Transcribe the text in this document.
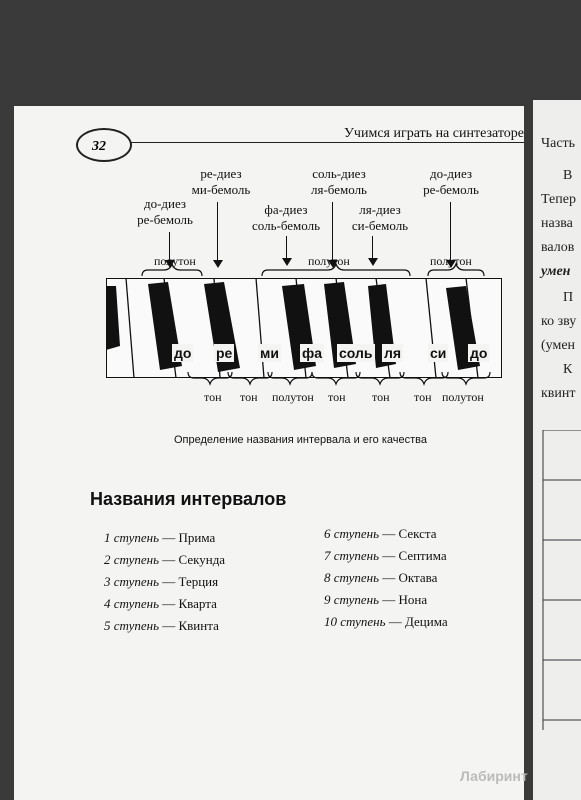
32
Учимся играть на синтезаторе
до-диез
ре-бемоль
ре-диез
ми-бемоль
фа-диез
соль-бемоль
соль-диез
ля-бемоль
ля-диез
си-бемоль
до-диез
ре-бемоль
полутон	полутон	полутон
до ре ми фа соль ля си до
тон тон полутон тон тон тон полутон
Определение названия интервала и его качества
Названия интервалов
1 ступень — Прима
2 ступень — Секунда
3 ступень — Терция
4 ступень — Кварта
5 ступень — Квинта
6 ступень — Секста
7 ступень — Септима
8 ступень — Октава
9 ступень — Нона
10 ступень — Децима
Часть
В
Тепер
назва
валов
умен
П
ко зву
(умен
К
квинт
Лабиринт
